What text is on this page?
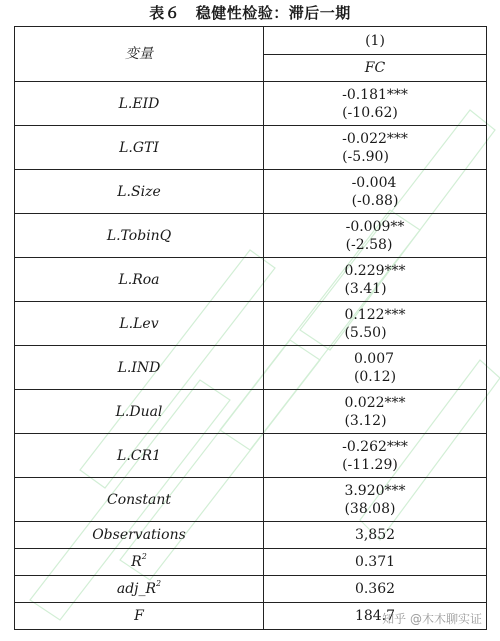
表６　稳健性检验：滞后一期
变量	(1)
	FC
L.EID	-0.181***
(-10.62)

L.GTI	-0.022***
(-5.90)

L.Size	-0.004
(-0.88)

L.TobinQ	-0.009**
(-2.58)

L.Roa	0.229***
(3.41)

L.Lev	0.122***
(5.50)

L.IND	0.007
(0.12)

L.Dual	0.022***
(3.12)

L.CR1	-0.262***
(-11.29)

Constant	3.920***
(38.08)

Observations	3,852
$R^2$	0.371
$adj\_R^2$	0.362
F	184.7
知乎 @木木聊实证
